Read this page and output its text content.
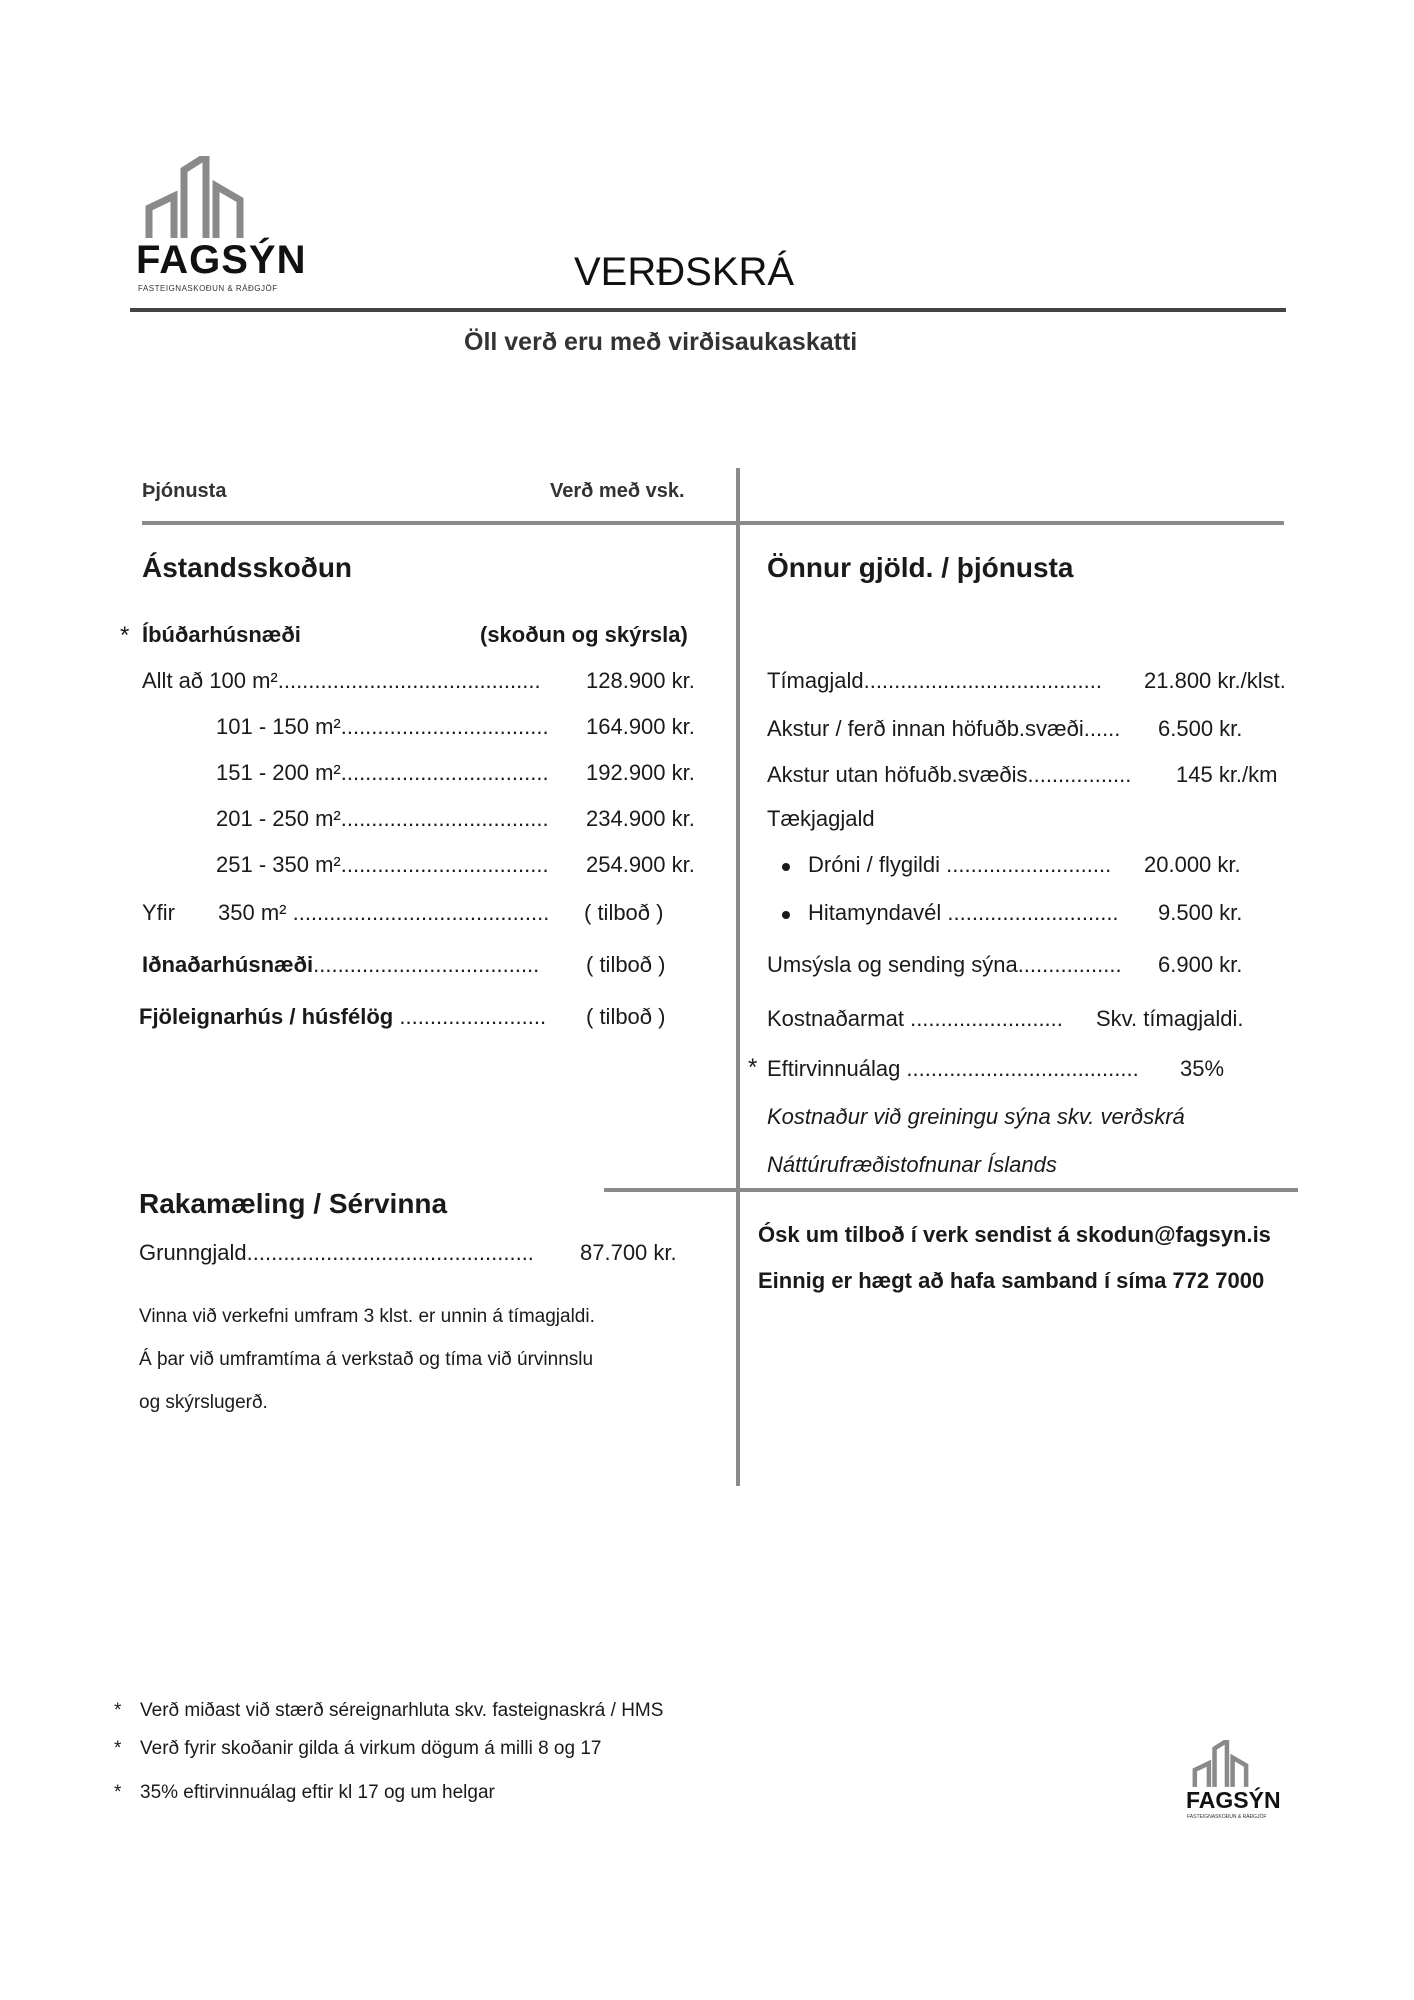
FAGSÝN
FASTEIGNASKOÐUN & RÁÐGJÖF	VERÐSKRÁ
Öll verð eru með virðisaukaskatti
Þjónusta	Verð með vsk.
Ástandsskoðun
* Íbúðarhúsnæði	(skoðun og skýrsla)
Allt að 100 m²........................................... 128.900 kr.
101 - 150 m².................................. 164.900 kr.
151 - 200 m².................................. 192.900 kr.
201 - 250 m².................................. 234.900 kr.
251 - 350 m².................................. 254.900 kr.
Yfir 350 m² .......................................... ( tilboð )
Iðnaðarhúsnæði..................................... ( tilboð )
Fjöleignarhús / húsfélög ........................ ( tilboð )
Rakamæling / Sérvinna
Grunngjald............................................... 87.700 kr.
Vinna við verkefni umfram 3 klst. er unnin á tímagjaldi.
Á þar við umframtíma á verkstað og tíma við úrvinnslu
og skýrslugerð.
Önnur gjöld. / þjónusta
Tímagjald....................................... 21.800 kr./klst.
Akstur / ferð innan höfuðb.svæði...... 6.500 kr.
Akstur utan höfuðb.svæðis................. 145 kr./km
Tækjagjald
Dróni / flygildi ........................... 20.000 kr.
Hitamyndavél ............................ 9.500 kr.
Umsýsla og sending sýna................. 6.900 kr.
Kostnaðarmat ......................... Skv. tímagjaldi.
* Eftirvinnuálag ...................................... 35%
Kostnaður við greiningu sýna skv. verðskrá
Náttúrufræðistofnunar Íslands
Ósk um tilboð í verk sendist á skodun@fagsyn.is
Einnig er hægt að hafa samband í síma 772 7000
* Verð miðast við stærð séreignarhluta skv. fasteignaskrá / HMS
* Verð fyrir skoðanir gilda á virkum dögum á milli 8 og 17
* 35% eftirvinnuálag eftir kl 17 og um helgar	FAGSÝN
FASTEIGNASKOÐUN & RÁÐGJÖF
